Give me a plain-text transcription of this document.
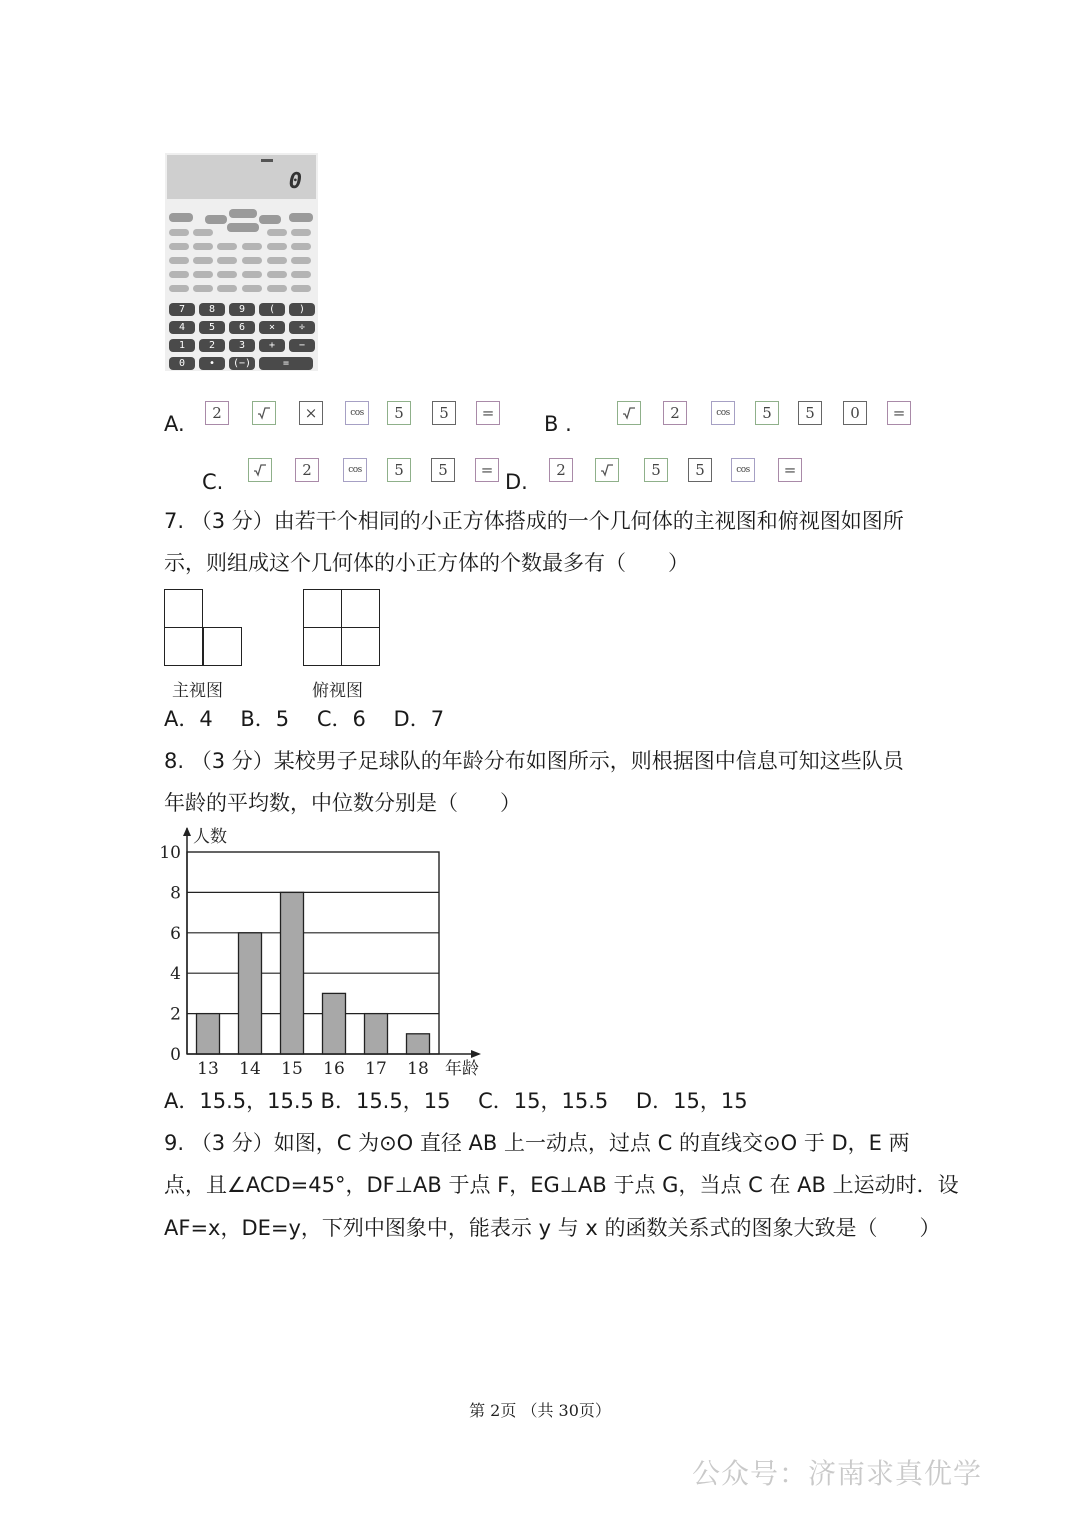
0
7	8	9	(	)
4	5	6	×	÷
1	2	3	+	−
0	•	(−)	=
A.	2	×	cos	5	5	= B .	2	cos	5	5	0	=
C.	2	cos	5	5	= D.	2	5	5	cos	=
7. （3 分）由若干个相同的小正方体搭成的一个几何体的主视图和俯视图如图所
示，则组成这个几何体的小正方体的个数最多有（　　）
主视图	俯视图
A．4　 B．5　 C．6　 D．7
8. （3 分）某校男子足球队的年龄分布如图所示，则根据图中信息可知这些队员
年龄的平均数，中位数分别是（　　）
0
2
4
6
8
10
13 14 15 16 17 18
人数
年龄
A．15.5，15.5 B．15.5，15　 C．15，15.5　 D．15，15
9. （3 分）如图，C 为⊙O 直径 AB 上一动点，过点 C 的直线交⊙O 于 D，E 两
点，且∠ACD=45°，DF⊥AB 于点 F，EG⊥AB 于点 G，当点 C 在 AB 上运动时．设
AF=x，DE=y，下列中图象中，能表示 y 与 x 的函数关系式的图象大致是（　　）
第 2页 （共 30页）
公众号：济南求真优学
